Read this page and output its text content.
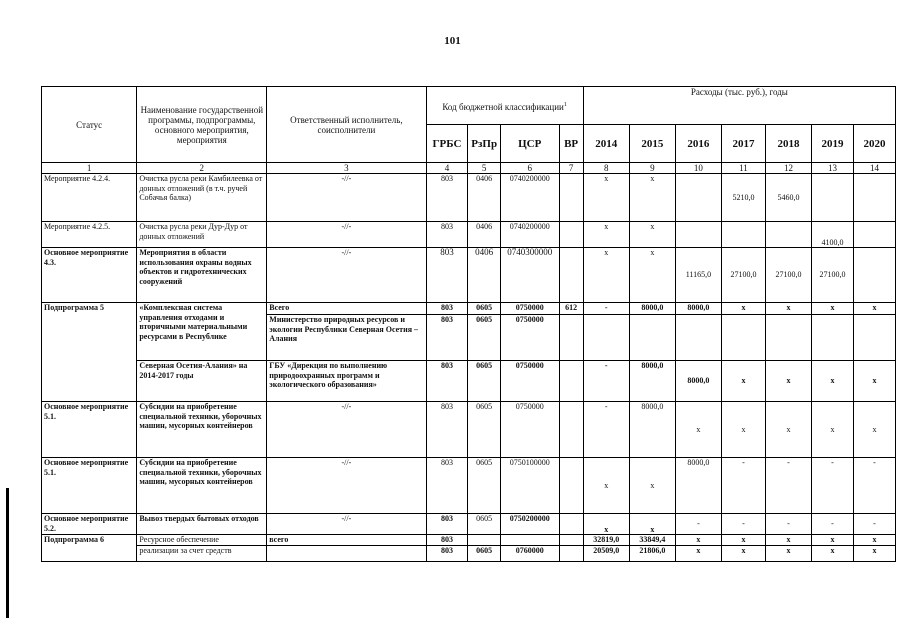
101
Статус	Наименование государственной программы, подпрограммы, основного мероприятия, мероприятия	Ответственный исполнитель, соисполнители	Код бюджетной классификации$^1$				Расходы (тыс. руб.), годы						
			ГРБС	РзПр	ЦСР	ВР	2014	2015	2016	2017	2018	2019	2020
1	2	3	4	5	6	7	8	9	10	11	12	13	14
Мероприятие 4.2.4.	Очистка русла реки Камбилеевка от донных отложений (в т.ч. ручей Собачья балка)	-//-	803	0406	0740200000		x	x		5210,0	5460,0		
Мероприятие 4.2.5.	Очистка русла реки Дур-Дур от донных отложений	-//-	803	0406	0740200000		x	x				4100,0	
Основное мероприятие 4.3.	Мероприятия в области использования охраны водных объектов и гидротехнических сооружений	-//-	803	0406	0740300000		x	x	11165,0	27100,0	27100,0	27100,0	
Подпрограмма 5	«Комплексная система управления отходами и вторичными материальными ресурсами в Республике	Всего	803	0605	0750000	612	-	8000,0	8000,0	x	x	x	x
		Министерство природных ресурсов и экологии Республики Северная Осетия – Алания	803	0605	0750000								
	Северная Осетия-Алания» на 2014-2017 годы	ГБУ «Дирекция по выполнению природоохранных программ и экологического образования»	803	0605	0750000		-	8000,0	8000,0	x	x	x	x
Основное мероприятие 5.1.	Субсидии на приобретение специальной техники, уборочных машин, мусорных контейнеров	-//-	803	0605	0750000		-	8000,0	x	x	x	x	x
Основное мероприятие 5.1.	Субсидии на приобретение специальной техники, уборочных машин, мусорных контейнеров	-//-	803	0605	0750100000		x	x	8000,0	-	-	-	-
Основное мероприятие 5.2.	Вывоз твердых бытовых отходов	-//-	803	0605	0750200000		x	x	-	-	-	-	-
Подпрограмма 6	Ресурсное обеспечение	всего	803				32819,0	33849,4	x	x	x	x	x
	реализации за счет средств		803	0605	0760000		20509,0	21806,0	x	x	x	x	x
